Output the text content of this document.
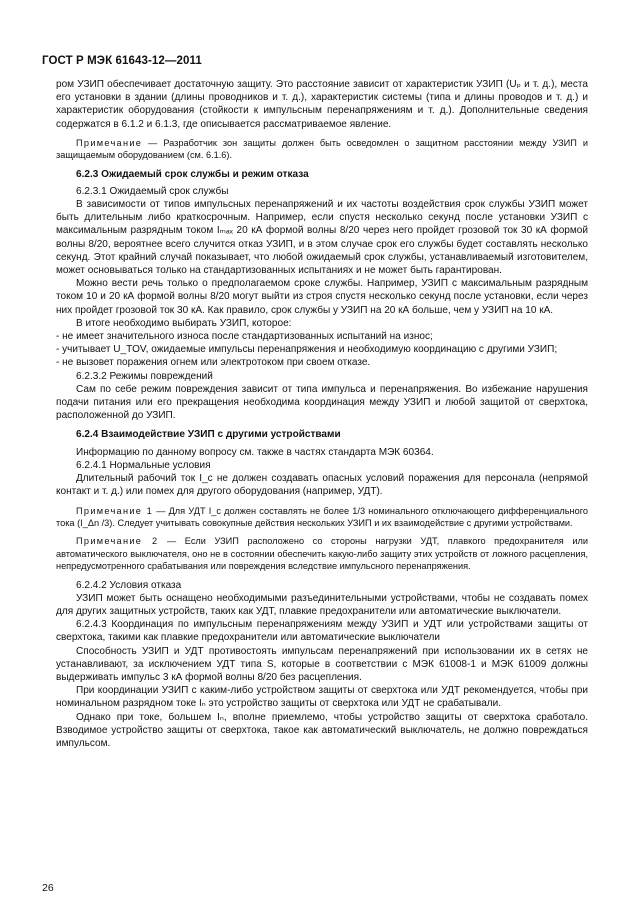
ГОСТ Р МЭК 61643-12—2011

ром УЗИП обеспечивает достаточную защиту. Это расстояние зависит от характеристик УЗИП (Uₚ и т. д.), места его установки в здании (длины проводников и т. д.), характеристик системы (типа и длины проводов и т. д.) и характеристик оборудования (стойкости к импульсным перенапряжениям и т. д.). Дополнительные сведения содержатся в 6.1.2 и 6.1.3, где описывается рассматриваемое явление.

Примечание — Разработчик зон защиты должен быть осведомлен о защитном расстоянии между УЗИП и защищаемым оборудованием (см. 6.1.6).

6.2.3 Ожидаемый срок службы и режим отказа

6.2.3.1 Ожидаемый срок службы

В зависимости от типов импульсных перенапряжений и их частоты воздействия срок службы УЗИП может быть длительным либо краткосрочным. Например, если спустя несколько секунд после установки УЗИП с максимальным разрядным током Iₘₐₓ 20 кА формой волны 8/20 через него пройдет грозовой ток 30 кА формой волны 8/20, вероятнее всего случится отказ УЗИП, и в этом случае срок его службы будет составлять несколько секунд. Этот крайний случай показывает, что любой ожидаемый срок службы, устанавливаемый изготовителем, может основываться только на стандартизованных испытаниях и не может быть гарантирован.

Можно вести речь только о предполагаемом сроке службы. Например, УЗИП с максимальным разрядным током 10 и 20 кА формой волны 8/20 могут выйти из строя спустя несколько секунд после установки, если через них пройдет грозовой ток 30 кА. Как правило, срок службы у УЗИП на 20 кА больше, чем у УЗИП на 10 кА.

В итоге необходимо выбирать УЗИП, которое:

- не имеет значительного износа после стандартизованных испытаний на износ;

- учитывает U_TOV, ожидаемые импульсы перенапряжения и необходимую координацию с другими УЗИП;

- не вызовет поражения огнем или электротоком при своем отказе.

6.2.3.2 Режимы повреждений

Сам по себе режим повреждения зависит от типа импульса и перенапряжения. Во избежание нарушения подачи питания или его прекращения необходима координация между УЗИП и любой защитой от сверхтока, расположенной до УЗИП.

6.2.4 Взаимодействие УЗИП с другими устройствами

Информацию по данному вопросу см. также в частях стандарта МЭК 60364.

6.2.4.1 Нормальные условия

Длительный рабочий ток I_c не должен создавать опасных условий поражения для персонала (непрямой контакт и т. д.) или помех для другого оборудования (например, УДТ).

Примечание 1 — Для УДТ I_c должен составлять не более 1/3 номинального отключающего дифференциального тока (I_Δn /3). Следует учитывать совокупные действия нескольких УЗИП и их взаимодействие с другими устройствами.

Примечание 2 — Если УЗИП расположено со стороны нагрузки УДТ, плавкого предохранителя или автоматического выключателя, оно не в состоянии обеспечить какую-либо защиту этих устройств от ложного расцепления, непредусмотренного срабатывания или повреждения вследствие импульсного перенапряжения.

6.2.4.2 Условия отказа

УЗИП может быть оснащено необходимыми разъединительными устройствами, чтобы не создавать помех для других защитных устройств, таких как УДТ, плавкие предохранители или автоматические выключатели.

6.2.4.3 Координация по импульсным перенапряжениям между УЗИП и УДТ или устройствами защиты от сверхтока, такими как плавкие предохранители или автоматические выключатели

Способность УЗИП и УДТ противостоять импульсам перенапряжений при использовании их в сетях не устанавливают, за исключением УДТ типа S, которые в соответствии с МЭК 61008-1 и МЭК 61009 должны выдерживать импульс 3 кА формой волны 8/20 без расцепления.

При координации УЗИП с каким-либо устройством защиты от сверхтока или УДТ рекомендуется, чтобы при номинальном разрядном токе Iₙ это устройство защиты от сверхтока или УДТ не срабатывали.

Однако при токе, большем Iₙ, вполне приемлемо, чтобы устройство защиты от сверхтока сработало. Взводимое устройство защиты от сверхтока, такое как автоматический выключатель, не должно повреждаться импульсом.

26
